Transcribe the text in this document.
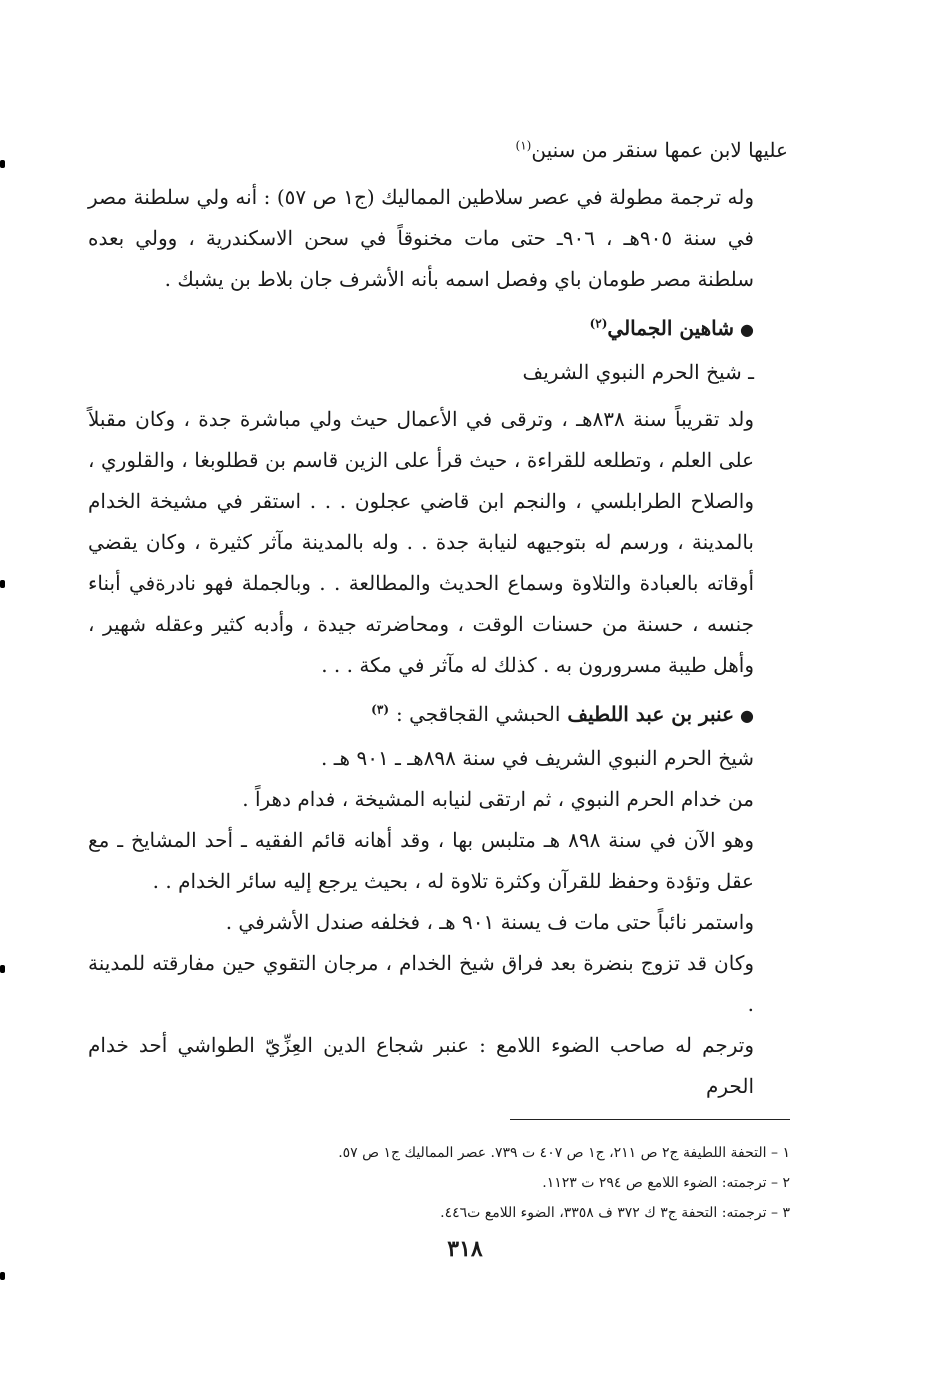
عليها لابن عمها سنقر من سنين$^{(١)}$

وله ترجمة مطولة في عصر سلاطين المماليك (ج١ ص ٥٧) : أنه ولي سلطنة مصر في سنة ٩٠٥هـ ، ٩٠٦ـ حتى مات مخنوقاً في سحن الاسكندرية ، وولي بعده سلطنة مصر طومان باي وفصل اسمه بأنه الأشرف جان بلاط بن يشبك .

●شاهين الجمالي$^{(٢)}$

ـ شيخ الحرم النبوي الشريف

ولد تقريباً سنة ٨٣٨هـ ، وترقى في الأعمال حيث ولي مباشرة جدة ، وكان مقبلاً على العلم ، وتطلعه للقراءة ، حيث قرأ على الزين قاسم بن قطلوبغا ، والقلوري ، والصلاح الطرابلسي ، والنجم ابن قاضي عجلون . . . استقر في مشيخة الخدام بالمدينة ، ورسم له بتوجيهه لنيابة جدة . . وله بالمدينة مآثر كثيرة ، وكان يقضي أوقاته بالعبادة والتلاوة وسماع الحديث والمطالعة . . وبالجملة فهو نادرةفي أبناء جنسه ، حسنة من حسنات الوقت ، ومحاضرته جيدة ، وأدبه كثير وعقله شهير ، وأهل طيبة مسرورون به . كذلك له مآثر في مكة . . .

●عنبر بن عبد اللطيف الحبشي القجاقجي : $^{(٣)}$

شيخ الحرم النبوي الشريف في سنة ٨٩٨هـ ـ ٩٠١ هـ .

من خدام الحرم النبوي ، ثم ارتقى لنيابه المشيخة ، فدام دهراً .

وهو الآن في سنة ٨٩٨ هـ متلبس بها ، وقد أهانه قائم الفقيه ـ أحد المشايخ ـ مع عقل وتؤدة وحفظ للقرآن وكثرة تلاوة له ، بحيث يرجع إليه سائر الخدام . .

واستمر نائباً حتى مات ف يسنة ٩٠١ هـ ، فخلفه صندل الأشرفي .

وكان قد تزوج بنضرة بعد فراق شيخ الخدام ، مرجان التقوي حين مفارقته للمدينة .

وترجم له صاحب الضوء اللامع : عنبر شجاع الدين العِزِّيّ الطواشي أحد خدام الحرم

١ – التحفة اللطيفة ج٢ ص ٢١١، ج١ ص ٤٠٧ ت ٧٣٩. عصر المماليك ج١ ص ٥٧.

٢ – ترجمته: الضوء اللامع ص ٢٩٤ ت ١١٢٣.

٣ – ترجمته: التحفة ج٣ ك ٣٧٢ ف ٣٣٥٨، الضوء اللامع ت٤٤٦.

٣١٨
